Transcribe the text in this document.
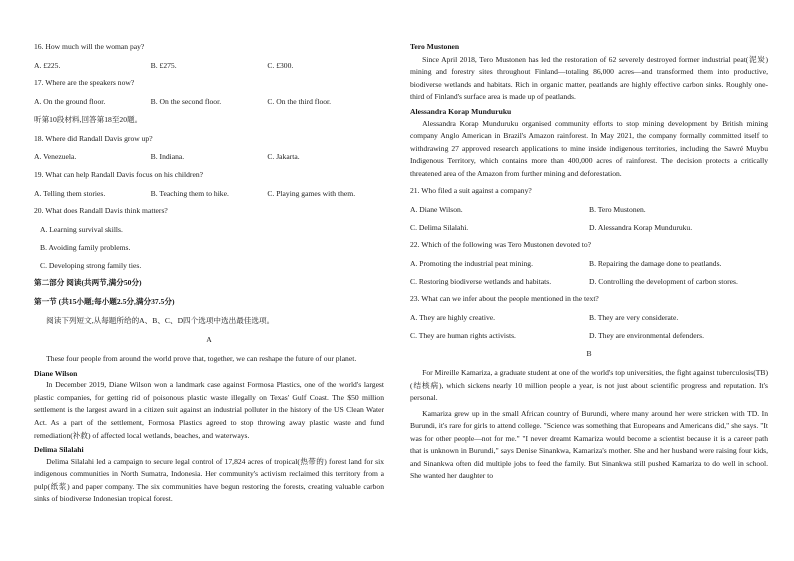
16. How much will the woman pay?

A. £225.	B. £275.	C. £300.

17. Where are the speakers now?

A. On the ground floor.	B. On the second floor.	C. On the third floor.

听第10段材料,回答第18至20题。

18. Where did Randall Davis grow up?

A. Venezuela.	B. Indiana.	C. Jakarta.

19. What can help Randall Davis focus on his children?

A. Telling them stories.	B. Teaching them to hike.	C. Playing games with them.

20. What does Randall Davis think matters?

A. Learning survival skills.

B. Avoiding family problems.

C. Developing strong family ties.

第二部分 阅读(共两节,满分50分)

第一节 (共15小题;每小题2.5分,满分37.5分)

阅读下列短文,从每题所给的A、B、C、D四个选项中选出最佳选项。

A

These four people from around the world prove that, together, we can reshape the future of our planet.

Diane Wilson

In December 2019, Diane Wilson won a landmark case against Formosa Plastics, one of the world's largest plastic companies, for getting rid of poisonous plastic waste illegally on Texas' Gulf Coast. The $50 million settlement is the largest award in a citizen suit against an industrial polluter in the history of the US Clean Water Act. As a part of the settlement, Formosa Plastics agreed to stop throwing away plastic waste and fund remediation(补救) of affected local wetlands, beaches, and waterways.

Delima Silalahi

Delima Silalahi led a campaign to secure legal control of 17,824 acres of tropical(热带的) forest land for six indigenous communities in North Sumatra, Indonesia. Her community's activism reclaimed this territory from a pulp(纸浆) and paper company. The six communities have begun restoring the forests, creating valuable carbon sinks of biodiverse Indonesian tropical forest.

Tero Mustonen

Since April 2018, Tero Mustonen has led the restoration of 62 severely destroyed former industrial peat(泥炭) mining and forestry sites throughout Finland—totaling 86,000 acres—and transformed them into productive, biodiverse wetlands and habitats. Rich in organic matter, peatlands are highly effective carbon sinks. Roughly one-third of Finland's surface area is made up of peatlands.

Alessandra Korap Munduruku

Alessandra Korap Munduruku organised community efforts to stop mining development by British mining company Anglo American in Brazil's Amazon rainforest. In May 2021, the company formally committed itself to withdrawing 27 approved research applications to mine inside indigenous territories, including the Sawré Muybu Indigenous Territory, which contains more than 400,000 acres of rainforest. The decision protects a critically threatened area of the Amazon from further mining and deforestation.

21. Who filed a suit against a company?

A. Diane Wilson.	B. Tero Mustonen.
C. Delima Silalahi.	D. Alessandra Korap Munduruku.

22. Which of the following was Tero Mustonen devoted to?

A. Promoting the industrial peat mining.	B. Repairing the damage done to peatlands.
C. Restoring biodiverse wetlands and habitats.	D. Controlling the development of carbon stores.

23. What can we infer about the people mentioned in the text?

A. They are highly creative.	B. They are very considerate.
C. They are human rights activists.	D. They are environmental defenders.

B

For Mireille Kamariza, a graduate student at one of the world's top universities, the fight against tuberculosis(TB)(结核病), which sickens nearly 10 million people a year, is not just about scientific progress and reputation. It's personal.

Kamariza grew up in the small African country of Burundi, where many around her were stricken with TD. In Burundi, it's rare for girls to attend college. "Science was something that Europeans and Americans did," she says. "It was for other people—not for me." "I never dreamt Kamariza would become a scientist because it is a career path that is unknown in Burundi," says Denise Sinankwa, Kamariza's mother. She and her husband were raising four kids, and Sinankwa often did multiple jobs to feed the family. But Sinankwa still pushed Kamariza to do well in school. She wanted her daughter to
